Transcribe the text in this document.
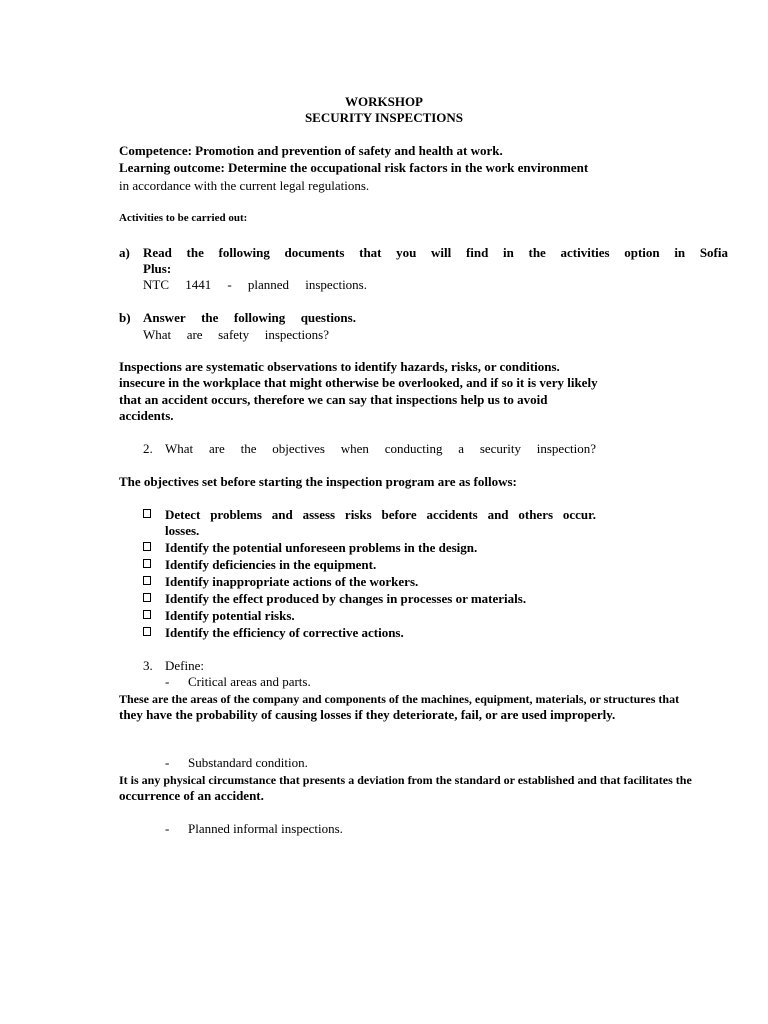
WORKSHOP
SECURITY INSPECTIONS
Competence: Promotion and prevention of safety and health at work.
Learning outcome: Determine the occupational risk factors in the work environment
in accordance with the current legal regulations.
Activities to be carried out:
a) Read the following documents that you will find in the activities option in Sofia
Plus:
NTC 1441 - planned inspections.
b) Answer the following questions.
What are safety inspections?
Inspections are systematic observations to identify hazards, risks, or conditions.
insecure in the workplace that might otherwise be overlooked, and if so it is very likely
that an accident occurs, therefore we can say that inspections help us to avoid
accidents.
2. What are the objectives when conducting a security inspection?
The objectives set before starting the inspection program are as follows:
Detect problems and assess risks before accidents and others occur.
losses.
Identify the potential unforeseen problems in the design.
Identify deficiencies in the equipment.
Identify inappropriate actions of the workers.
Identify the effect produced by changes in processes or materials.
Identify potential risks.
Identify the efficiency of corrective actions.
3. Define:
- Critical areas and parts.
These are the areas of the company and components of the machines, equipment, materials, or structures that
they have the probability of causing losses if they deteriorate, fail, or are used improperly.
- Substandard condition.
It is any physical circumstance that presents a deviation from the standard or established and that facilitates the
occurrence of an accident.
- Planned informal inspections.
